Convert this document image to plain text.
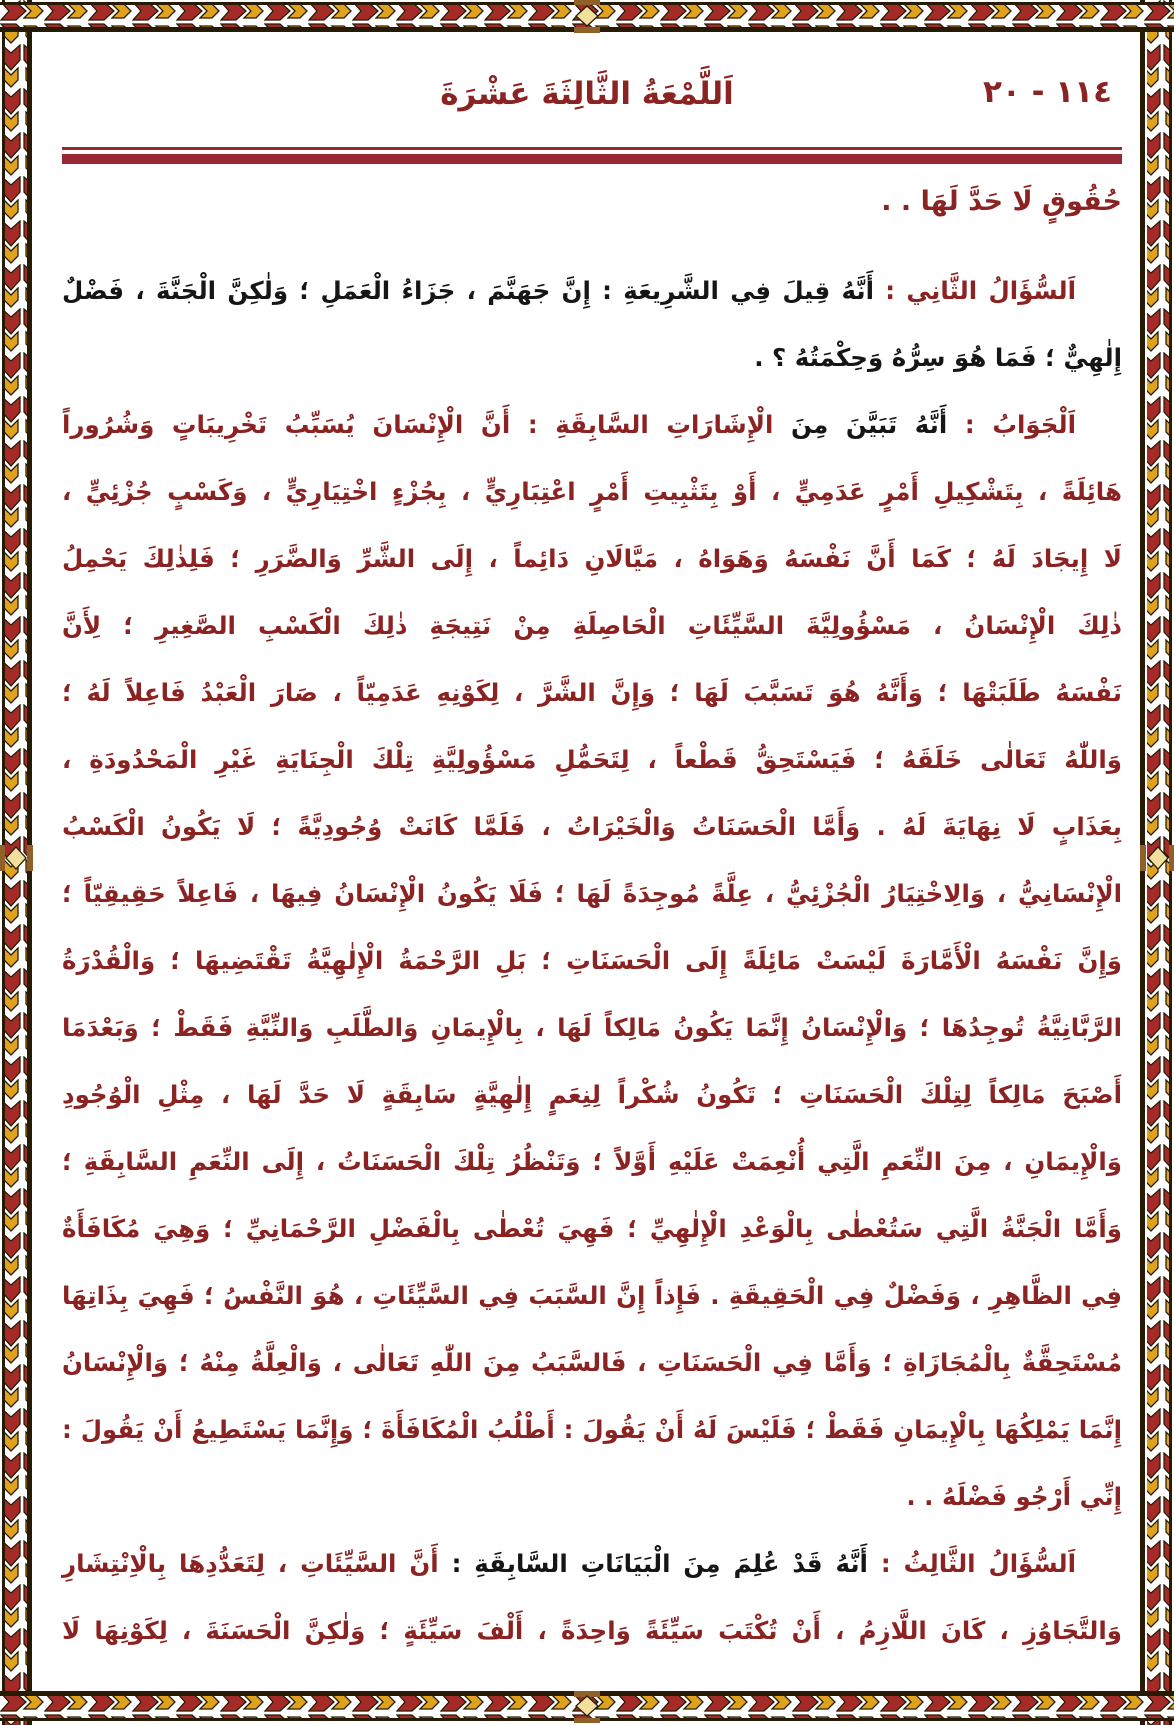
١١٤ - ٢٠
اَللَّمْعَةُ الثَّالِثَةَ عَشْرَةَ
حُقُوقٍ لَا حَدَّ لَهَا . .
اَلسُّؤَالُ الثَّانِي : أَنَّهُ قِيلَ فِي الشَّرِيعَةِ : إِنَّ جَهَنَّمَ ، جَزَاءُ الْعَمَلِ ؛ وَلٰكِنَّ الْجَنَّةَ ، فَضْلٌ
إِلٰهِيٌّ ؛ فَمَا هُوَ سِرُّهُ وَحِكْمَتُهُ ؟ .
اَلْجَوَابُ : أَنَّهُ تَبَيَّنَ مِنَ الْإِشَارَاتِ السَّابِقَةِ : أَنَّ الْإِنْسَانَ يُسَبِّبُ تَخْرِيبَاتٍ وَشُرُوراً
هَائِلَةً ، بِتَشْكِيلِ أَمْرٍ عَدَمِيٍّ ، أَوْ بِتَثْبِيتِ أَمْرٍ اعْتِبَارِيٍّ ، بِجُزْءٍ اخْتِيَارِيٍّ ، وَكَسْبٍ جُزْئِيٍّ ،
لَا إِيجَادَ لَهُ ؛ كَمَا أَنَّ نَفْسَهُ وَهَوَاهُ ، مَيَّالَانِ دَائِماً ، إِلَى الشَّرِّ وَالضَّرَرِ ؛ فَلِذٰلِكَ يَحْمِلُ
ذٰلِكَ الْإِنْسَانُ ، مَسْؤُولِيَّةَ السَّيِّئَاتِ الْحَاصِلَةِ مِنْ نَتِيجَةِ ذٰلِكَ الْكَسْبِ الصَّغِيرِ ؛ لِأَنَّ
نَفْسَهُ طَلَبَتْهَا ؛ وَأَنَّهُ هُوَ تَسَبَّبَ لَهَا ؛ وَإِنَّ الشَّرَّ ، لِكَوْنِهِ عَدَمِيّاً ، صَارَ الْعَبْدُ فَاعِلاً لَهُ ؛
وَاللّٰهُ تَعَالٰى خَلَقَهُ ؛ فَيَسْتَحِقُّ قَطْعاً ، لِتَحَمُّلِ مَسْؤُولِيَّةِ تِلْكَ الْجِنَايَةِ غَيْرِ الْمَحْدُودَةِ ،
بِعَذَابٍ لَا نِهَايَةَ لَهُ . وَأَمَّا الْحَسَنَاتُ وَالْخَيْرَاتُ ، فَلَمَّا كَانَتْ وُجُودِيَّةً ؛ لَا يَكُونُ الْكَسْبُ
الْإِنْسَانِيُّ ، وَالِاخْتِيَارُ الْجُزْئِيُّ ، عِلَّةً مُوجِدَةً لَهَا ؛ فَلَا يَكُونُ الْإِنْسَانُ فِيهَا ، فَاعِلاً حَقِيقِيّاً ؛
وَإِنَّ نَفْسَهُ الْأَمَّارَةَ لَيْسَتْ مَائِلَةً إِلَى الْحَسَنَاتِ ؛ بَلِ الرَّحْمَةُ الْإِلٰهِيَّةُ تَقْتَضِيهَا ؛ وَالْقُدْرَةُ
الرَّبَّانِيَّةُ تُوجِدُهَا ؛ وَالْإِنْسَانُ إِنَّمَا يَكُونُ مَالِكاً لَهَا ، بِالْإِيمَانِ وَالطَّلَبِ وَالنِّيَّةِ فَقَطْ ؛ وَبَعْدَمَا
أَصْبَحَ مَالِكاً لِتِلْكَ الْحَسَنَاتِ ؛ تَكُونُ شُكْراً لِنِعَمٍ إِلٰهِيَّةٍ سَابِقَةٍ لَا حَدَّ لَهَا ، مِثْلِ الْوُجُودِ
وَالْإِيمَانِ ، مِنَ النِّعَمِ الَّتِي أُنْعِمَتْ عَلَيْهِ أَوَّلاً ؛ وَتَنْظُرُ تِلْكَ الْحَسَنَاتُ ، إِلَى النِّعَمِ السَّابِقَةِ ؛
وَأَمَّا الْجَنَّةُ الَّتِي سَتُعْطٰى بِالْوَعْدِ الْإِلٰهِيِّ ؛ فَهِيَ تُعْطٰى بِالْفَضْلِ الرَّحْمَانِيِّ ؛ وَهِيَ مُكَافَأَةٌ
فِي الظَّاهِرِ ، وَفَضْلٌ فِي الْحَقِيقَةِ . فَإِذاً إِنَّ السَّبَبَ فِي السَّيِّئَاتِ ، هُوَ النَّفْسُ ؛ فَهِيَ بِذَاتِهَا
مُسْتَحِقَّةٌ بِالْمُجَازَاةِ ؛ وَأَمَّا فِي الْحَسَنَاتِ ، فَالسَّبَبُ مِنَ اللّٰهِ تَعَالٰى ، وَالْعِلَّةُ مِنْهُ ؛ وَالْإِنْسَانُ
إِنَّمَا يَمْلِكُهَا بِالْإِيمَانِ فَقَطْ ؛ فَلَيْسَ لَهُ أَنْ يَقُولَ : أَطْلُبُ الْمُكَافَأَةَ ؛ وَإِنَّمَا يَسْتَطِيعُ أَنْ يَقُولَ :
إِنِّي أَرْجُو فَضْلَهُ . .
اَلسُّؤَالُ الثَّالِثُ : أَنَّهُ قَدْ عُلِمَ مِنَ الْبَيَانَاتِ السَّابِقَةِ : أَنَّ السَّيِّئَاتِ ، لِتَعَدُّدِهَا بِالْاِنْتِشَارِ
وَالتَّجَاوُزِ ، كَانَ اللَّازِمُ ، أَنْ تُكْتَبَ سَيِّئَةً وَاحِدَةً ، أَلْفَ سَيِّئَةٍ ؛ وَلٰكِنَّ الْحَسَنَةَ ، لِكَوْنِهَا لَا
